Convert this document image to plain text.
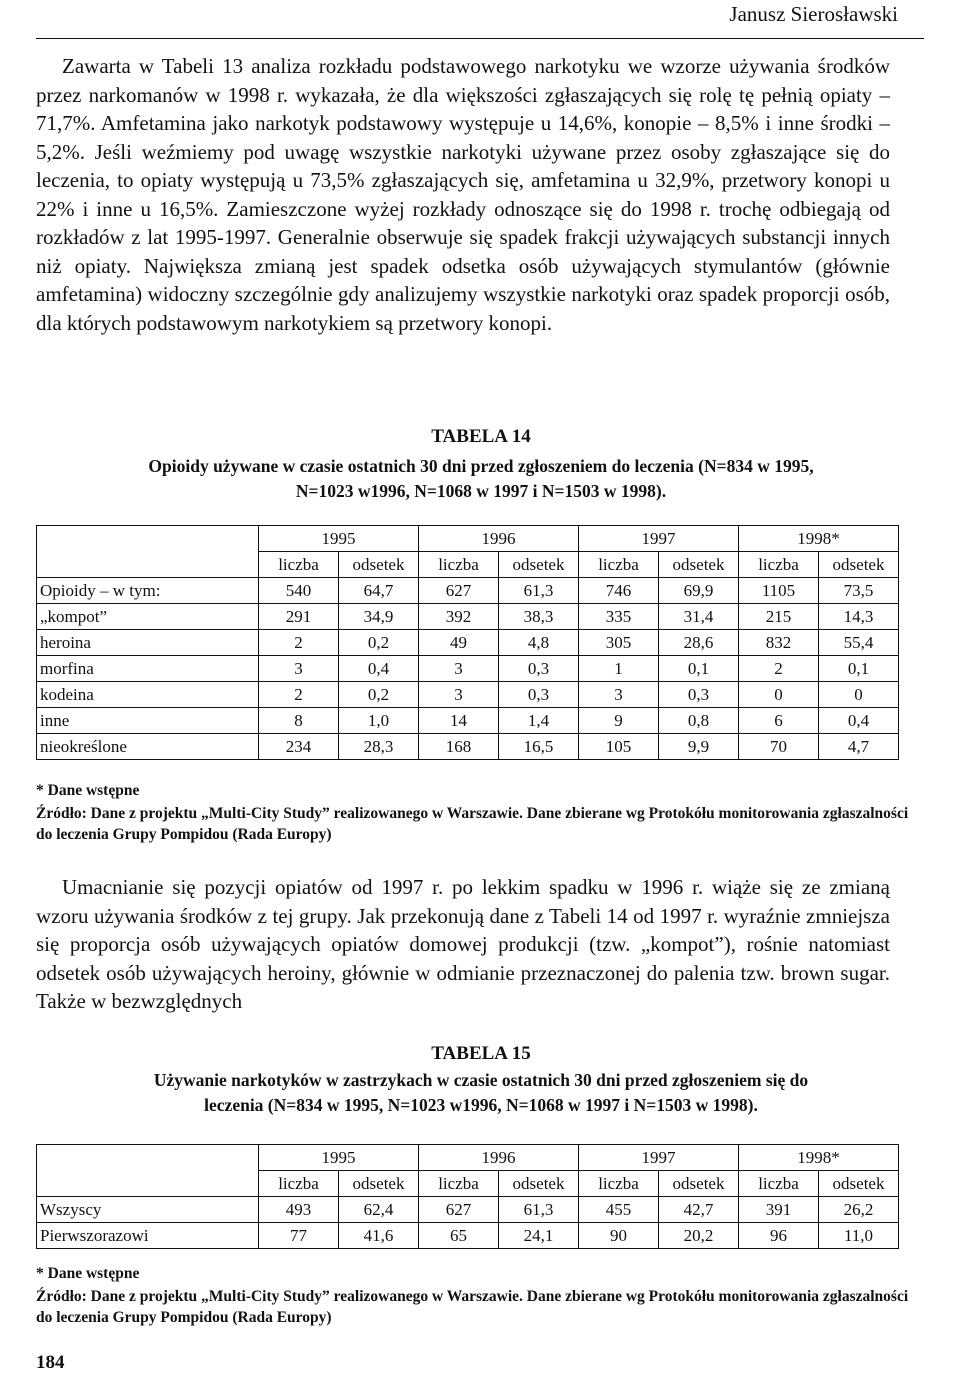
Janusz Sierosławski

Zawarta w Tabeli 13 analiza rozkładu podstawowego narkotyku we wzorze używania środków przez narkomanów w 1998 r. wykazała, że dla większości zgłaszających się rolę tę pełnią opiaty – 71,7%. Amfetamina jako narkotyk podstawowy występuje u 14,6%, konopie – 8,5% i inne środki – 5,2%. Jeśli weźmiemy pod uwagę wszystkie narkotyki używane przez osoby zgłaszające się do leczenia, to opiaty występują u 73,5% zgłaszających się, amfetamina u 32,9%, przetwory konopi u 22% i inne u 16,5%. Zamieszczone wyżej rozkłady odnoszące się do 1998 r. trochę odbiegają od rozkładów z lat 1995-1997. Generalnie obserwuje się spadek frakcji używających substancji innych niż opiaty. Największa zmianą jest spadek odsetka osób używających stymulantów (głównie amfetamina) widoczny szczególnie gdy analizujemy wszystkie narkotyki oraz spadek proporcji osób, dla których podstawowym narkotykiem są przetwory konopi.

TABELA 14
Opioidy używane w czasie ostatnich 30 dni przed zgłoszeniem do leczenia (N=834 w 1995,
N=1023 w1996, N=1068 w 1997 i N=1503 w 1998).
	1995		1996		1997		1998*	
	liczba	odsetek	liczba	odsetek	liczba	odsetek	liczba	odsetek
Opioidy – w tym:	540	64,7	627	61,3	746	69,9	1105	73,5
„kompot”	291	34,9	392	38,3	335	31,4	215	14,3
heroina	2	0,2	49	4,8	305	28,6	832	55,4
morfina	3	0,4	3	0,3	1	0,1	2	0,1
kodeina	2	0,2	3	0,3	3	0,3	0	0
inne	8	1,0	14	1,4	9	0,8	6	0,4
nieokreślone	234	28,3	168	16,5	105	9,9	70	4,7
* Dane wstępne
Źródło: Dane z projektu „Multi-City Study” realizowanego w Warszawie. Dane zbierane wg Protokółu monitorowania zgłaszalności do leczenia Grupy Pompidou (Rada Europy)

Umacnianie się pozycji opiatów od 1997 r. po lekkim spadku w 1996 r. wiąże się ze zmianą wzoru używania środków z tej grupy. Jak przekonują dane z Tabeli 14 od 1997 r. wyraźnie zmniejsza się proporcja osób używających opiatów domowej produkcji (tzw. „kompot”), rośnie natomiast odsetek osób używających heroiny, głównie w odmianie przeznaczonej do palenia tzw. brown sugar. Także w bezwzględnych

TABELA 15
Używanie narkotyków w zastrzykach w czasie ostatnich 30 dni przed zgłoszeniem się do
leczenia (N=834 w 1995, N=1023 w1996, N=1068 w 1997 i N=1503 w 1998).
	1995		1996		1997		1998*	
	liczba	odsetek	liczba	odsetek	liczba	odsetek	liczba	odsetek
Wszyscy	493	62,4	627	61,3	455	42,7	391	26,2
Pierwszorazowi	77	41,6	65	24,1	90	20,2	96	11,0
* Dane wstępne
Źródło: Dane z projektu „Multi-City Study” realizowanego w Warszawie. Dane zbierane wg Protokółu monitorowania zgłaszalności do leczenia Grupy Pompidou (Rada Europy)
184
